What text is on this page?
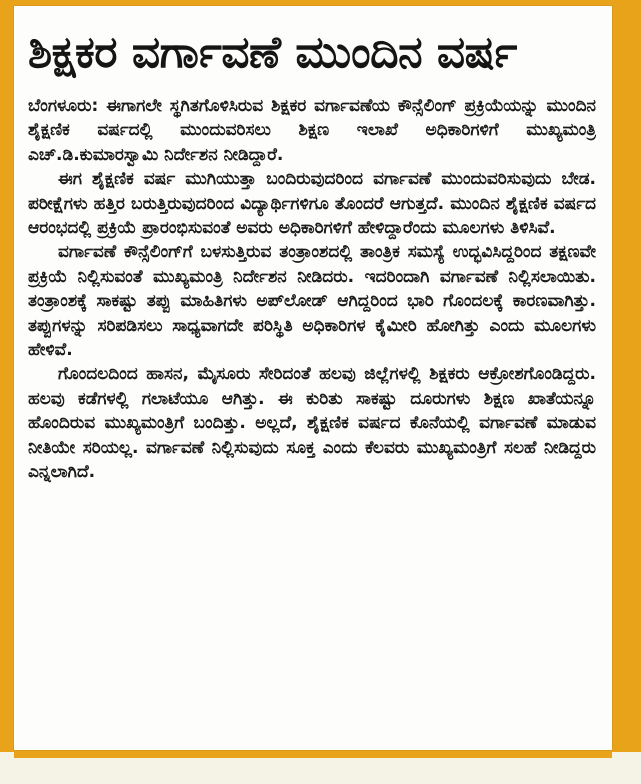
ಶಿಕ್ಷಕರ ವರ್ಗಾವಣೆ ಮುಂದಿನ ವರ್ಷ

ಬೆಂಗಳೂರು: ಈಗಾಗಲೇ ಸ್ಥಗಿತಗೊಳಿಸಿರುವ ಶಿಕ್ಷಕರ ವರ್ಗಾವಣೆಯ ಕೌನ್ಸೆಲಿಂಗ್ ಪ್ರಕ್ರಿಯೆಯನ್ನು ಮುಂದಿನ ಶೈಕ್ಷಣಿಕ ವರ್ಷದಲ್ಲಿ ಮುಂದುವರಿಸಲು ಶಿಕ್ಷಣ ಇಲಾಖೆ ಅಧಿಕಾರಿಗಳಿಗೆ ಮುಖ್ಯಮಂತ್ರಿ ಎಚ್.ಡಿ.ಕುಮಾರಸ್ವಾಮಿ ನಿರ್ದೇಶನ ನೀಡಿದ್ದಾರೆ.

ಈಗ ಶೈಕ್ಷಣಿಕ ವರ್ಷ ಮುಗಿಯುತ್ತಾ ಬಂದಿರುವುದರಿಂದ ವರ್ಗಾವಣೆ ಮುಂದುವರಿಸುವುದು ಬೇಡ. ಪರೀಕ್ಷೆಗಳು ಹತ್ತಿರ ಬರುತ್ತಿರುವುದರಿಂದ ವಿದ್ಯಾರ್ಥಿಗಳಿಗೂ ತೊಂದರೆ ಆಗುತ್ತದೆ. ಮುಂದಿನ ಶೈಕ್ಷಣಿಕ ವರ್ಷದ ಆರಂಭದಲ್ಲಿ ಪ್ರಕ್ರಿಯೆ ಪ್ರಾರಂಭಿಸುವಂತೆ ಅವರು ಅಧಿಕಾರಿಗಳಿಗೆ ಹೇಳಿದ್ದಾರೆಂದು ಮೂಲಗಳು ತಿಳಿಸಿವೆ.

ವರ್ಗಾವಣೆ ಕೌನ್ಸೆಲಿಂಗ್‌ಗೆ ಬಳಸುತ್ತಿರುವ ತಂತ್ರಾಂಶದಲ್ಲಿ ತಾಂತ್ರಿಕ ಸಮಸ್ಯೆ ಉದ್ಭವಿಸಿದ್ದರಿಂದ ತಕ್ಷಣವೇ ಪ್ರಕ್ರಿಯೆ ನಿಲ್ಲಿಸುವಂತೆ ಮುಖ್ಯಮಂತ್ರಿ ನಿರ್ದೇಶನ ನೀಡಿದರು. ಇದರಿಂದಾಗಿ ವರ್ಗಾವಣೆ ನಿಲ್ಲಿಸಲಾಯಿತು. ತಂತ್ರಾಂಶಕ್ಕೆ ಸಾಕಷ್ಟು ತಪ್ಪು ಮಾಹಿತಿಗಳು ಅಪ್‌ಲೋಡ್ ಆಗಿದ್ದರಿಂದ ಭಾರಿ ಗೊಂದಲಕ್ಕೆ ಕಾರಣವಾಗಿತ್ತು. ತಪ್ಪುಗಳನ್ನು ಸರಿಪಡಿಸಲು ಸಾಧ್ಯವಾಗದೇ ಪರಿಸ್ಥಿತಿ ಅಧಿಕಾರಿಗಳ ಕೈಮೀರಿ ಹೋಗಿತ್ತು ಎಂದು ಮೂಲಗಳು ಹೇಳಿವೆ.

ಗೊಂದಲದಿಂದ ಹಾಸನ, ಮೈಸೂರು ಸೇರಿದಂತೆ ಹಲವು ಜಿಲ್ಲೆಗಳಲ್ಲಿ ಶಿಕ್ಷಕರು ಆಕ್ರೋಶಗೊಂಡಿದ್ದರು. ಹಲವು ಕಡೆಗಳಲ್ಲಿ ಗಲಾಟೆಯೂ ಆಗಿತ್ತು. ಈ ಕುರಿತು ಸಾಕಷ್ಟು ದೂರುಗಳು ಶಿಕ್ಷಣ ಖಾತೆಯನ್ನೂ ಹೊಂದಿರುವ ಮುಖ್ಯಮಂತ್ರಿಗೆ ಬಂದಿತ್ತು. ಅಲ್ಲದೆ, ಶೈಕ್ಷಣಿಕ ವರ್ಷದ ಕೊನೆಯಲ್ಲಿ ವರ್ಗಾವಣೆ ಮಾಡುವ ನೀತಿಯೇ ಸರಿಯಲ್ಲ. ವರ್ಗಾವಣೆ ನಿಲ್ಲಿಸುವುದು ಸೂಕ್ತ ಎಂದು ಕೆಲವರು ಮುಖ್ಯಮಂತ್ರಿಗೆ ಸಲಹೆ ನೀಡಿದ್ದರು ಎನ್ನಲಾಗಿದೆ.
